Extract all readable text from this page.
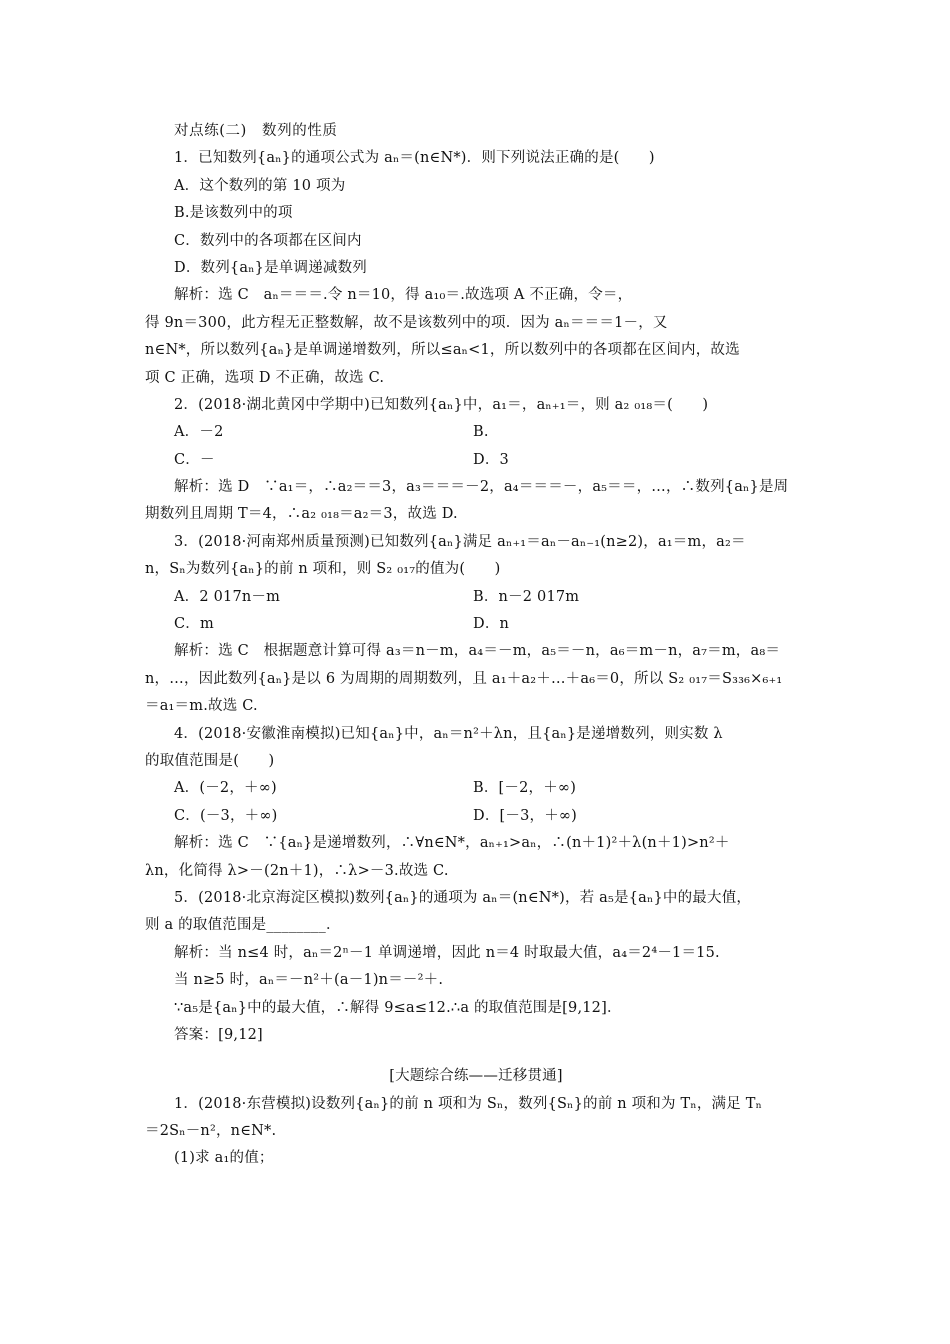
对点练(二)　数列的性质
1．已知数列{aₙ}的通项公式为 aₙ＝(n∈N*)．则下列说法正确的是(　　)
A．这个数列的第 10 项为
B.是该数列中的项
C．数列中的各项都在区间内
D．数列{aₙ}是单调递减数列
解析：选 C　aₙ＝＝＝.令 n＝10，得 a₁₀＝.故选项 A 不正确，令＝，
得 9n＝300，此方程无正整数解，故不是该数列中的项．因为 aₙ＝＝＝1－，又
n∈N*，所以数列{aₙ}是单调递增数列，所以≤aₙ<1，所以数列中的各项都在区间内，故选
项 C 正确，选项 D 不正确，故选 C.
2．(2018·湖北黄冈中学期中)已知数列{aₙ}中，a₁＝，aₙ₊₁＝，则 a₂ ₀₁₈＝(　　)
A．－2	B.
C．－	D．3
解析：选 D　∵a₁＝，∴a₂＝＝3，a₃＝＝＝－2，a₄＝＝＝－，a₅＝＝，…，∴数列{aₙ}是周
期数列且周期 T＝4，∴a₂ ₀₁₈＝a₂＝3，故选 D.
3．(2018·河南郑州质量预测)已知数列{aₙ}满足 aₙ₊₁＝aₙ－aₙ₋₁(n≥2)，a₁＝m，a₂＝
n，Sₙ为数列{aₙ}的前 n 项和，则 S₂ ₀₁₇的值为(　　)
A．2 017n－m	B．n－2 017m
C．m	D．n
解析：选 C　根据题意计算可得 a₃＝n－m，a₄＝－m，a₅＝－n，a₆＝m－n，a₇＝m，a₈＝
n，…，因此数列{aₙ}是以 6 为周期的周期数列，且 a₁＋a₂＋…＋a₆＝0，所以 S₂ ₀₁₇＝S₃₃₆×₆₊₁
＝a₁＝m.故选 C.
4．(2018·安徽淮南模拟)已知{aₙ}中，aₙ＝n²＋λn，且{aₙ}是递增数列，则实数 λ
的取值范围是(　　)
A．(－2，＋∞)	B．[－2，＋∞)
C．(－3，＋∞)	D．[－3，＋∞)
解析：选 C　∵{aₙ}是递增数列，∴∀n∈N*，aₙ₊₁>aₙ，∴(n＋1)²＋λ(n＋1)>n²＋
λn，化简得 λ>－(2n＋1)，∴λ>－3.故选 C.
5．(2018·北京海淀区模拟)数列{aₙ}的通项为 aₙ＝(n∈N*)，若 a₅是{aₙ}中的最大值，
则 a 的取值范围是________．
解析：当 n≤4 时，aₙ＝2ⁿ－1 单调递增，因此 n＝4 时取最大值，a₄＝2⁴－1＝15.
当 n≥5 时，aₙ＝－n²＋(a－1)n＝－²＋.
∵a₅是{aₙ}中的最大值，∴解得 9≤a≤12.∴a 的取值范围是[9,12]．
答案：[9,12]
[大题综合练——迁移贯通]
1．(2018·东营模拟)设数列{aₙ}的前 n 项和为 Sₙ，数列{Sₙ}的前 n 项和为 Tₙ，满足 Tₙ
＝2Sₙ－n²，n∈N*.
(1)求 a₁的值；
